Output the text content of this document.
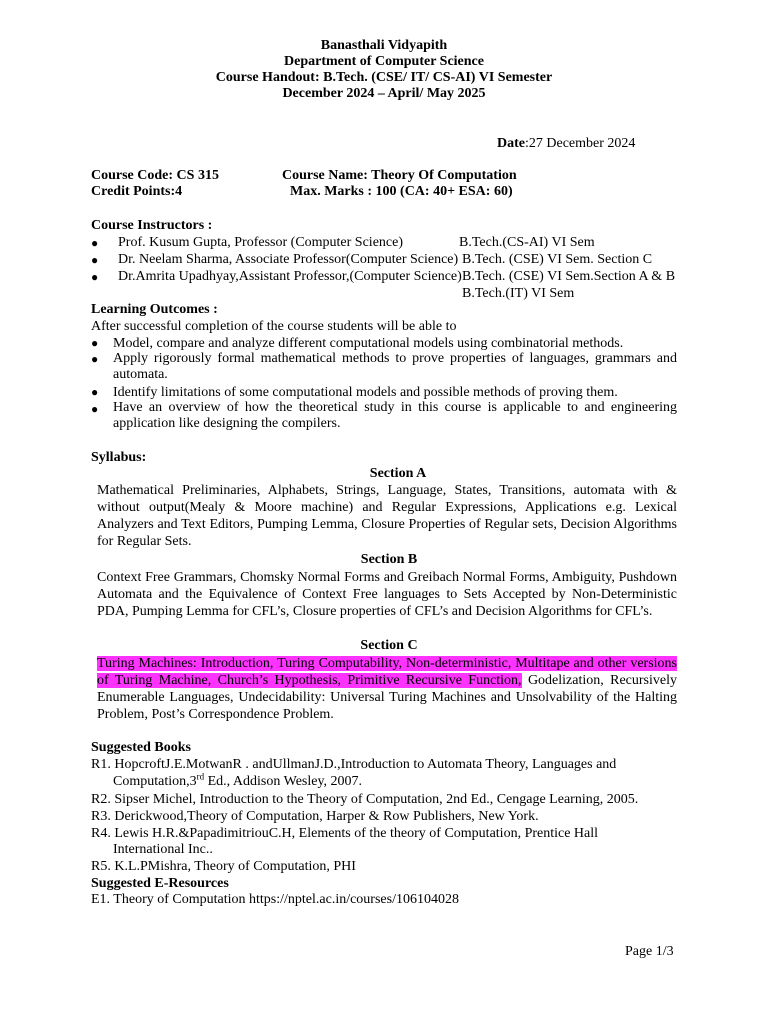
Banasthali Vidyapith
Department of Computer Science
Course Handout: B.Tech. (CSE/ IT/ CS-AI) VI Semester
December 2024 – April/ May 2025
Date:27 December 2024
Course Code: CS 315
Credit Points:4
Course Name: Theory Of Computation
Max. Marks : 100 (CA: 40+ ESA: 60)
Course Instructors :
● Prof. Kusum Gupta, Professor (Computer Science)	B.Tech.(CS-AI) VI Sem
● Dr. Neelam Sharma, Associate Professor(Computer Science) B.Tech. (CSE) VI Sem. Section C
● Dr.Amrita Upadhyay,Assistant Professor,(Computer Science) B.Tech. (CSE) VI Sem.Section A & B
B.Tech.(IT) VI Sem
Learning Outcomes :
After successful completion of the course students will be able to
● Model, compare and analyze different computational models using combinatorial methods.
● Apply rigorously formal mathematical methods to prove properties of languages, grammars and automata.
● Identify limitations of some computational models and possible methods of proving them.
● Have an overview of how the theoretical study in this course is applicable to and engineering application like designing the compilers.
Syllabus:
Section A
Mathematical Preliminaries, Alphabets, Strings, Language, States, Transitions, automata with & without output(Mealy & Moore machine) and Regular Expressions, Applications e.g. Lexical Analyzers and Text Editors, Pumping Lemma, Closure Properties of Regular sets, Decision Algorithms for Regular Sets.
Section B
Context Free Grammars, Chomsky Normal Forms and Greibach Normal Forms, Ambiguity, Pushdown Automata and the Equivalence of Context Free languages to Sets Accepted by Non-Deterministic PDA, Pumping Lemma for CFL’s, Closure properties of CFL’s and Decision Algorithms for CFL’s.
Section C
Turing Machines: Introduction, Turing Computability, Non-deterministic, Multitape and other versions of Turing Machine, Church’s Hypothesis, Primitive Recursive Function, Godelization, Recursively Enumerable Languages, Undecidability: Universal Turing Machines and Unsolvability of the Halting Problem, Post’s Correspondence Problem.
Suggested Books
R1. HopcroftJ.E.MotwanR . andUllmanJ.D.,Introduction to Automata Theory, Languages and
Computation,3rd Ed., Addison Wesley, 2007.
R2. Sipser Michel, Introduction to the Theory of Computation, 2nd Ed., Cengage Learning, 2005.
R3. Derickwood,Theory of Computation, Harper & Row Publishers, New York.
R4. Lewis H.R.&PapadimitriouC.H, Elements of the theory of Computation, Prentice Hall
International Inc..
R5. K.L.PMishra, Theory of Computation, PHI
Suggested E-Resources
E1. Theory of Computation https://nptel.ac.in/courses/106104028
Page 1/3
